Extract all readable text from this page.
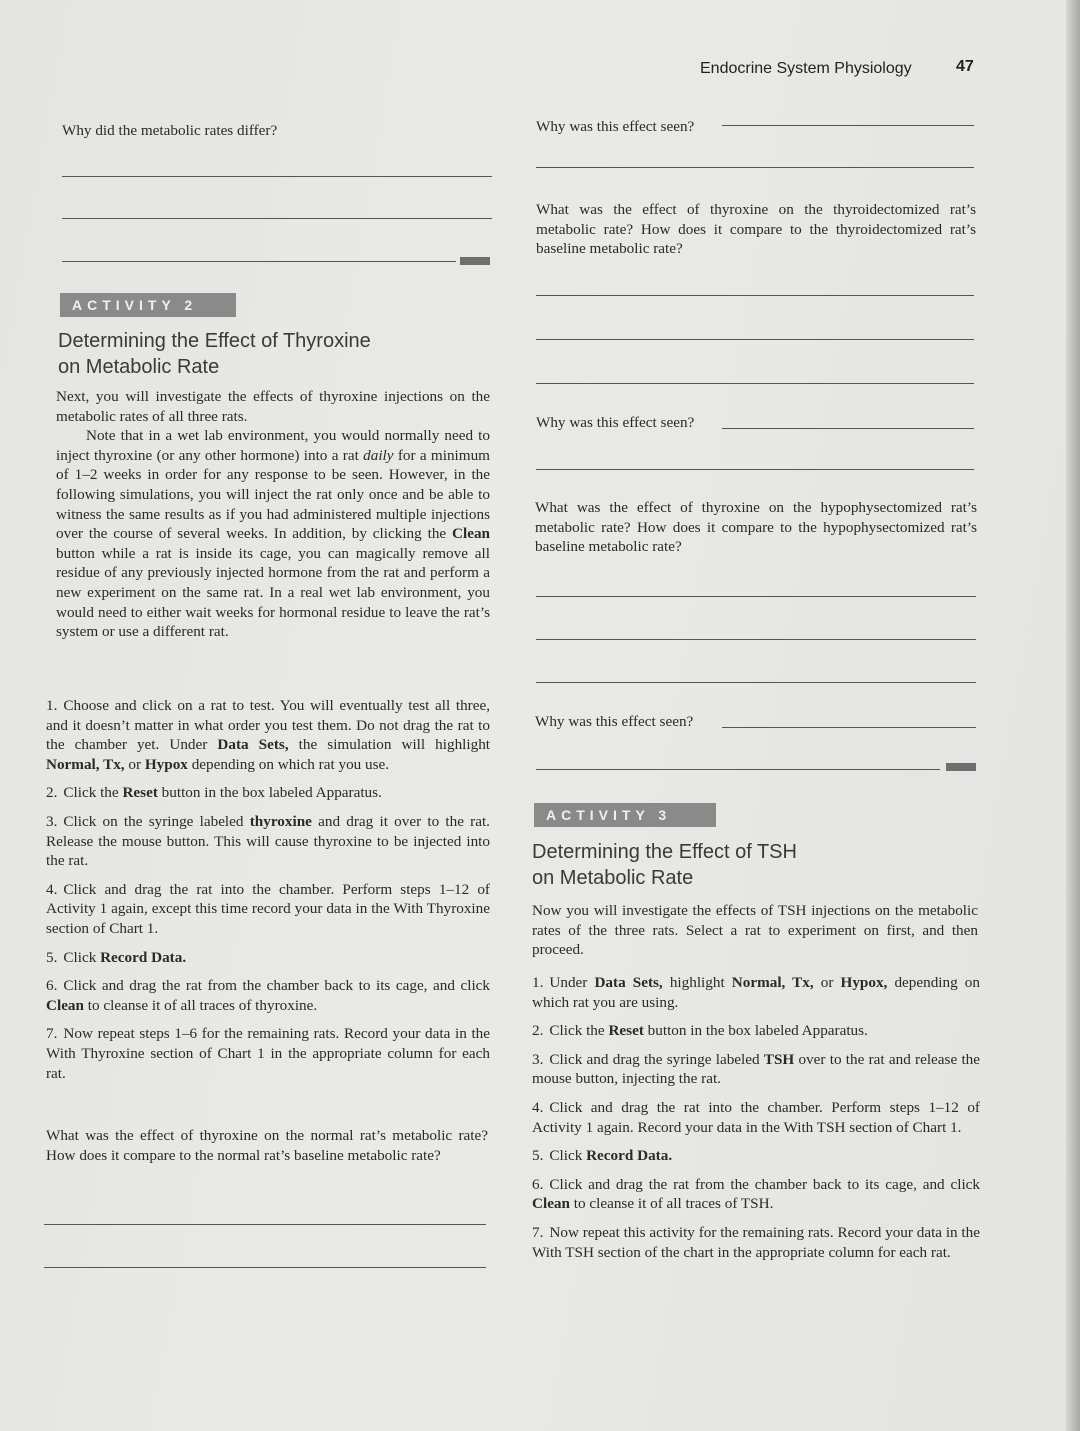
Endocrine System Physiology	47
Why did the metabolic rates differ?
ACTIVITY 2
Determining the Effect of Thyroxine
on Metabolic Rate

Next, you will investigate the effects of thyroxine injections on the metabolic rates of all three rats.

Note that in a wet lab environment, you would normally need to inject thyroxine (or any other hormone) into a rat daily for a minimum of 1–2 weeks in order for any response to be seen. However, in the following simulations, you will inject the rat only once and be able to witness the same results as if you had administered multiple injections over the course of several weeks. In addition, by clicking the Clean button while a rat is inside its cage, you can magically remove all residue of any previously injected hormone from the rat and perform a new experiment on the same rat. In a real wet lab environment, you would need to either wait weeks for hormonal residue to leave the rat’s system or use a different rat.

1. Choose and click on a rat to test. You will eventually test all three, and it doesn’t matter in what order you test them. Do not drag the rat to the chamber yet. Under Data Sets, the simulation will highlight Normal, Tx, or Hypox depending on which rat you use.
2. Click the Reset button in the box labeled Apparatus.
3. Click on the syringe labeled thyroxine and drag it over to the rat. Release the mouse button. This will cause thyroxine to be injected into the rat.
4. Click and drag the rat into the chamber. Perform steps 1–12 of Activity 1 again, except this time record your data in the With Thyroxine section of Chart 1.
5. Click Record Data.
6. Click and drag the rat from the chamber back to its cage, and click Clean to cleanse it of all traces of thyroxine.
7. Now repeat steps 1–6 for the remaining rats. Record your data in the With Thyroxine section of Chart 1 in the appropriate column for each rat.

What was the effect of thyroxine on the normal rat’s metabolic rate? How does it compare to the normal rat’s baseline metabolic rate?

Why was this effect seen?

What was the effect of thyroxine on the thyroidectomized rat’s metabolic rate? How does it compare to the thyroidectomized rat’s baseline metabolic rate?

Why was this effect seen?

What was the effect of thyroxine on the hypophysectomized rat’s metabolic rate? How does it compare to the hypophysectomized rat’s baseline metabolic rate?

Why was this effect seen?
ACTIVITY 3
Determining the Effect of TSH
on Metabolic Rate

Now you will investigate the effects of TSH injections on the metabolic rates of the three rats. Select a rat to experiment on first, and then proceed.

1. Under Data Sets, highlight Normal, Tx, or Hypox, depending on which rat you are using.
2. Click the Reset button in the box labeled Apparatus.
3. Click and drag the syringe labeled TSH over to the rat and release the mouse button, injecting the rat.
4. Click and drag the rat into the chamber. Perform steps 1–12 of Activity 1 again. Record your data in the With TSH section of Chart 1.
5. Click Record Data.
6. Click and drag the rat from the chamber back to its cage, and click Clean to cleanse it of all traces of TSH.
7. Now repeat this activity for the remaining rats. Record your data in the With TSH section of the chart in the appropriate column for each rat.
